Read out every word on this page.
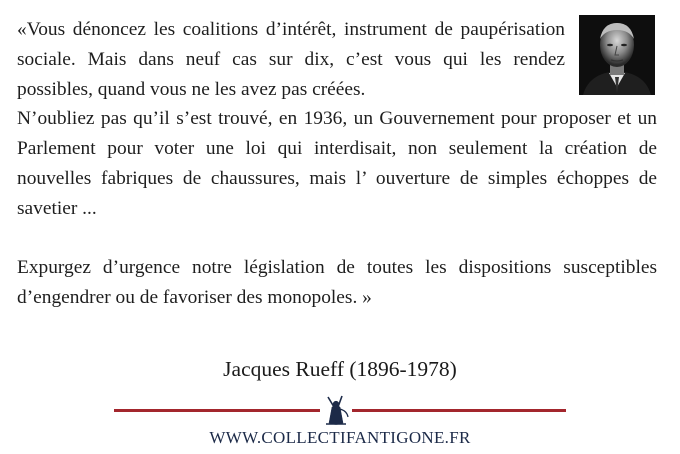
«Vous dénoncez les coalitions d’intérêt, instrument de paupérisation sociale. Mais dans neuf cas sur dix, c’est vous qui les rendez possibles, quand vous ne les avez pas créées.

N’oubliez pas qu’il s’est trouvé, en 1936, un Gouvernement pour proposer et un Parlement pour voter une loi qui interdisait, non seulement la création de nouvelles fabriques de chaussures, mais l’ ouverture de simples échoppes de savetier ...

Expurgez d’urgence notre législation de toutes les dispositions susceptibles d’engendrer ou de favoriser des monopoles. »

Jacques Rueff (1896-1978)
WWW.COLLECTIFANTIGONE.FR
